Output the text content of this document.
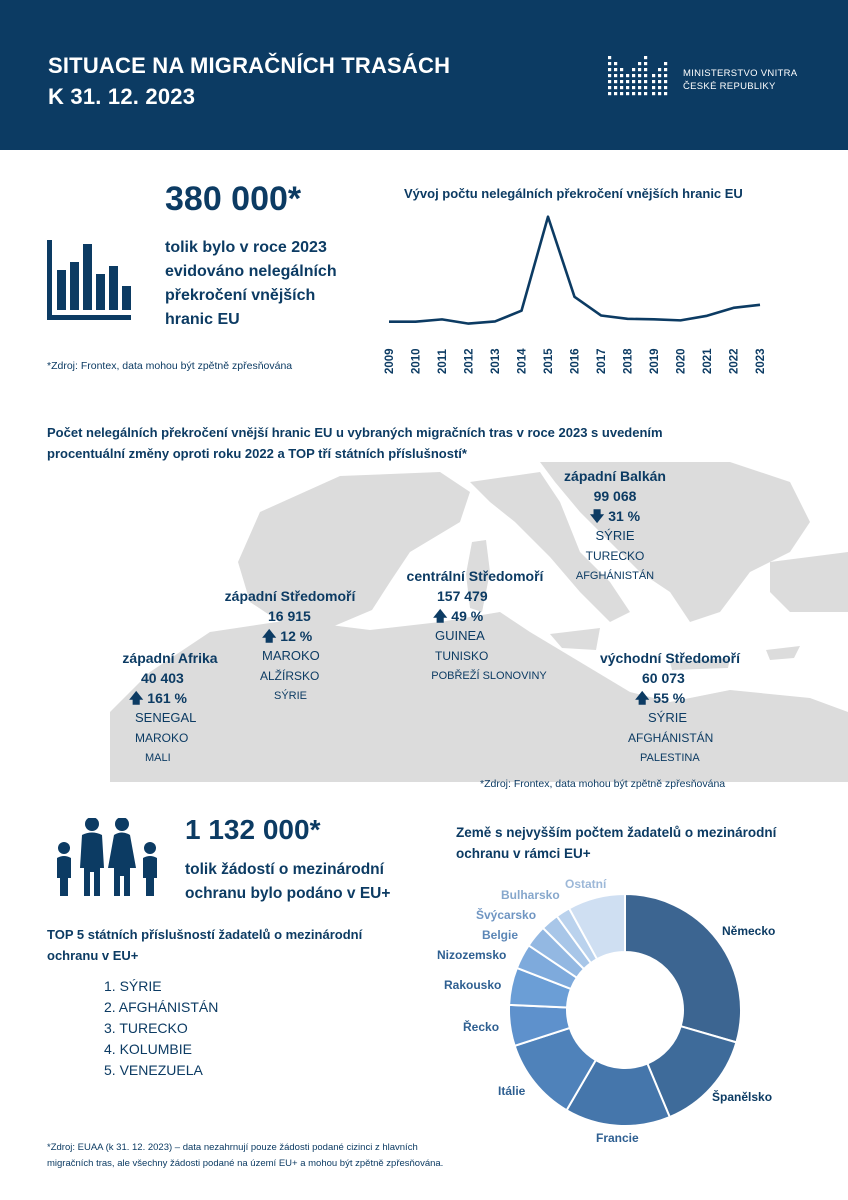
SITUACE NA MIGRAČNÍCH TRASÁCH
K 31. 12. 2023
MINISTERSTVO VNITRA
ČESKÉ REPUBLIKY
380 000*
tolik bylo v roce 2023
evidováno nelegálních
překročení vnějších
hranic EU
*Zdroj: Frontex, data mohou být zpětně zpřesňována
Vývoj počtu nelegálních překročení vnějších hranic EU
2009 2010 2011 2012 2013 2014 2015 2016 2017 2018 2019 2020 2021 2022 2023
Počet nelegálních překročení vnější hranic EU u vybraných migračních tras v roce 2023 s uvedením
procentuální změny oproti roku 2022 a TOP tří státních příslušností*
západní Balkán
99 068
🡇 31 %
SÝRIE
TURECKO
AFGHÁNISTÁN
centrální Středomoří
157 479
🡅 49 %
GUINEA
TUNISKO
POBŘEŽÍ SLONOVINY
západní Středomoří
16 915
🡅 12 %
MAROKO
ALŽÍRSKO
SÝRIE
západní Afrika
40 403
🡅 161 %
SENEGAL
MAROKO
MALI
východní Středomoří
60 073
🡅 55 %
SÝRIE
AFGHÁNISTÁN
PALESTINA
*Zdroj: Frontex, data mohou být zpětně zpřesňována
1 132 000*
tolik žádostí o mezinárodní
ochranu bylo podáno v EU+
TOP 5 státních příslušností žadatelů o mezinárodní
ochranu v EU+
1. SÝRIE
2. AFGHÁNISTÁN
3. TURECKO
4. KOLUMBIE
5. VENEZUELA
*Zdroj: EUAA (k 31. 12. 2023) – data nezahrnují pouze žádosti podané cizinci z hlavních
migračních tras, ale všechny žádosti podané na území EU+ a mohou být zpětně zpřesňována.
Země s nejvyšším počtem žadatelů o mezinárodní
ochranu v rámci EU+
Německo
Španělsko
Francie
Itálie
Řecko
Rakousko
Nizozemsko
Belgie
Švýcarsko
Bulharsko
Ostatní
